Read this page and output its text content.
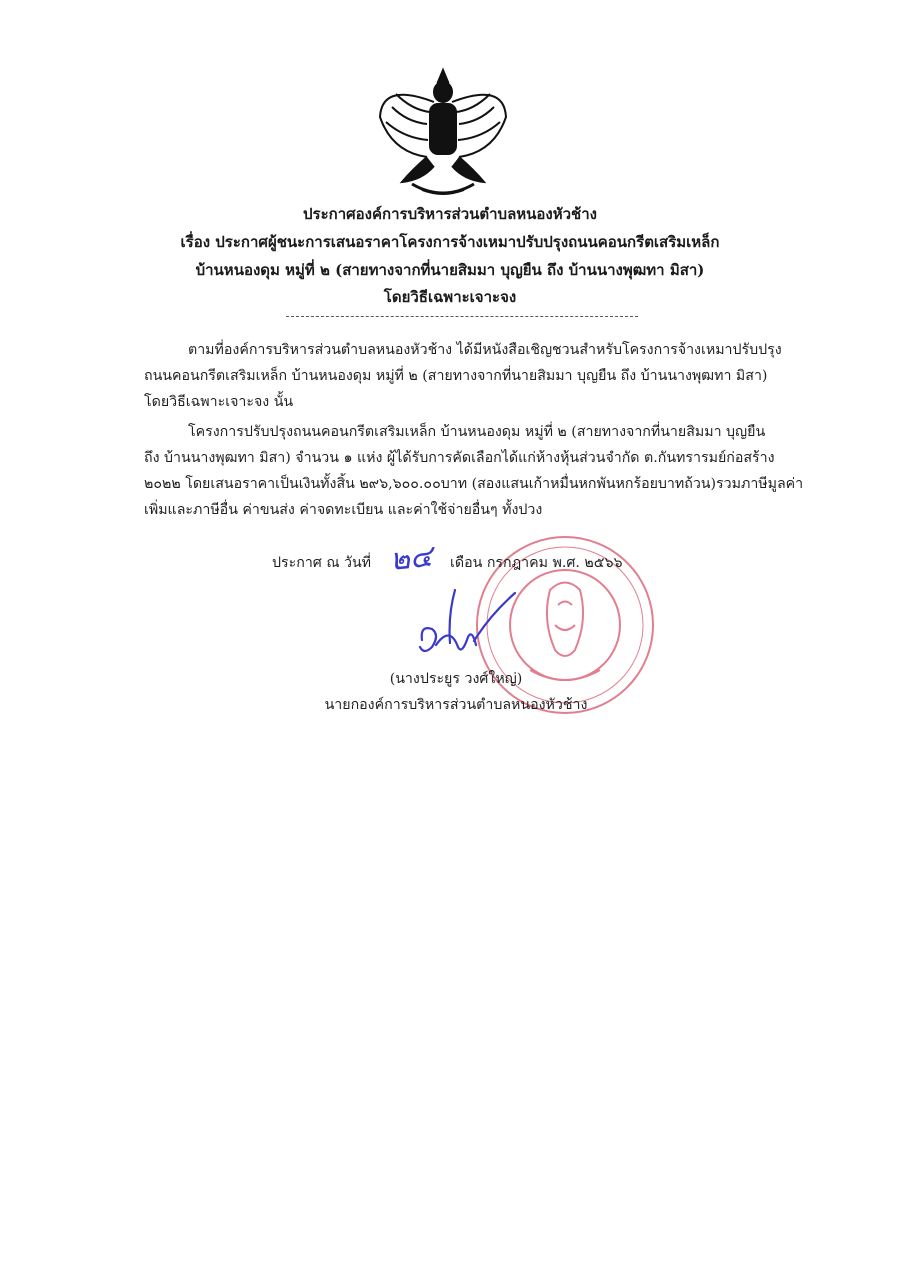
ประกาศองค์การบริหารส่วนตำบลหนองหัวช้าง
เรื่อง ประกาศผู้ชนะการเสนอราคาโครงการจ้างเหมาปรับปรุงถนนคอนกรีตเสริมเหล็ก
บ้านหนองดุม หมู่ที่ ๒ (สายทางจากที่นายสิมมา บุญยืน ถึง บ้านนางพุฒทา มิสา)
โดยวิธีเฉพาะเจาะจง
ตามที่องค์การบริหารส่วนตำบลหนองหัวช้าง ได้มีหนังสือเชิญชวนสำหรับโครงการจ้างเหมาปรับปรุง
ถนนคอนกรีตเสริมเหล็ก บ้านหนองดุม หมู่ที่ ๒ (สายทางจากที่นายสิมมา บุญยืน ถึง บ้านนางพุฒทา มิสา)
โดยวิธีเฉพาะเจาะจง นั้น
โครงการปรับปรุงถนนคอนกรีตเสริมเหล็ก บ้านหนองดุม หมู่ที่ ๒ (สายทางจากที่นายสิมมา บุญยืน
ถึง บ้านนางพุฒทา มิสา) จำนวน ๑ แห่ง ผู้ได้รับการคัดเลือกได้แก่ห้างหุ้นส่วนจำกัด ต.กันทรารมย์ก่อสร้าง
๒๐๒๒ โดยเสนอราคาเป็นเงินทั้งสิ้น ๒๙๖,๖๐๐.๐๐บาท (สองแสนเก้าหมื่นหกพันหกร้อยบาทถ้วน)รวมภาษีมูลค่า
เพิ่มและภาษีอื่น ค่าขนส่ง ค่าจดทะเบียน และค่าใช้จ่ายอื่นๆ ทั้งปวง
ประกาศ ณ วันที่	เดือน กรกฎาคม พ.ศ. ๒๕๖๖
๒๔
(นางประยูร วงศ์ใหญ่)
นายกองค์การบริหารส่วนตำบลหนองหัวช้าง
